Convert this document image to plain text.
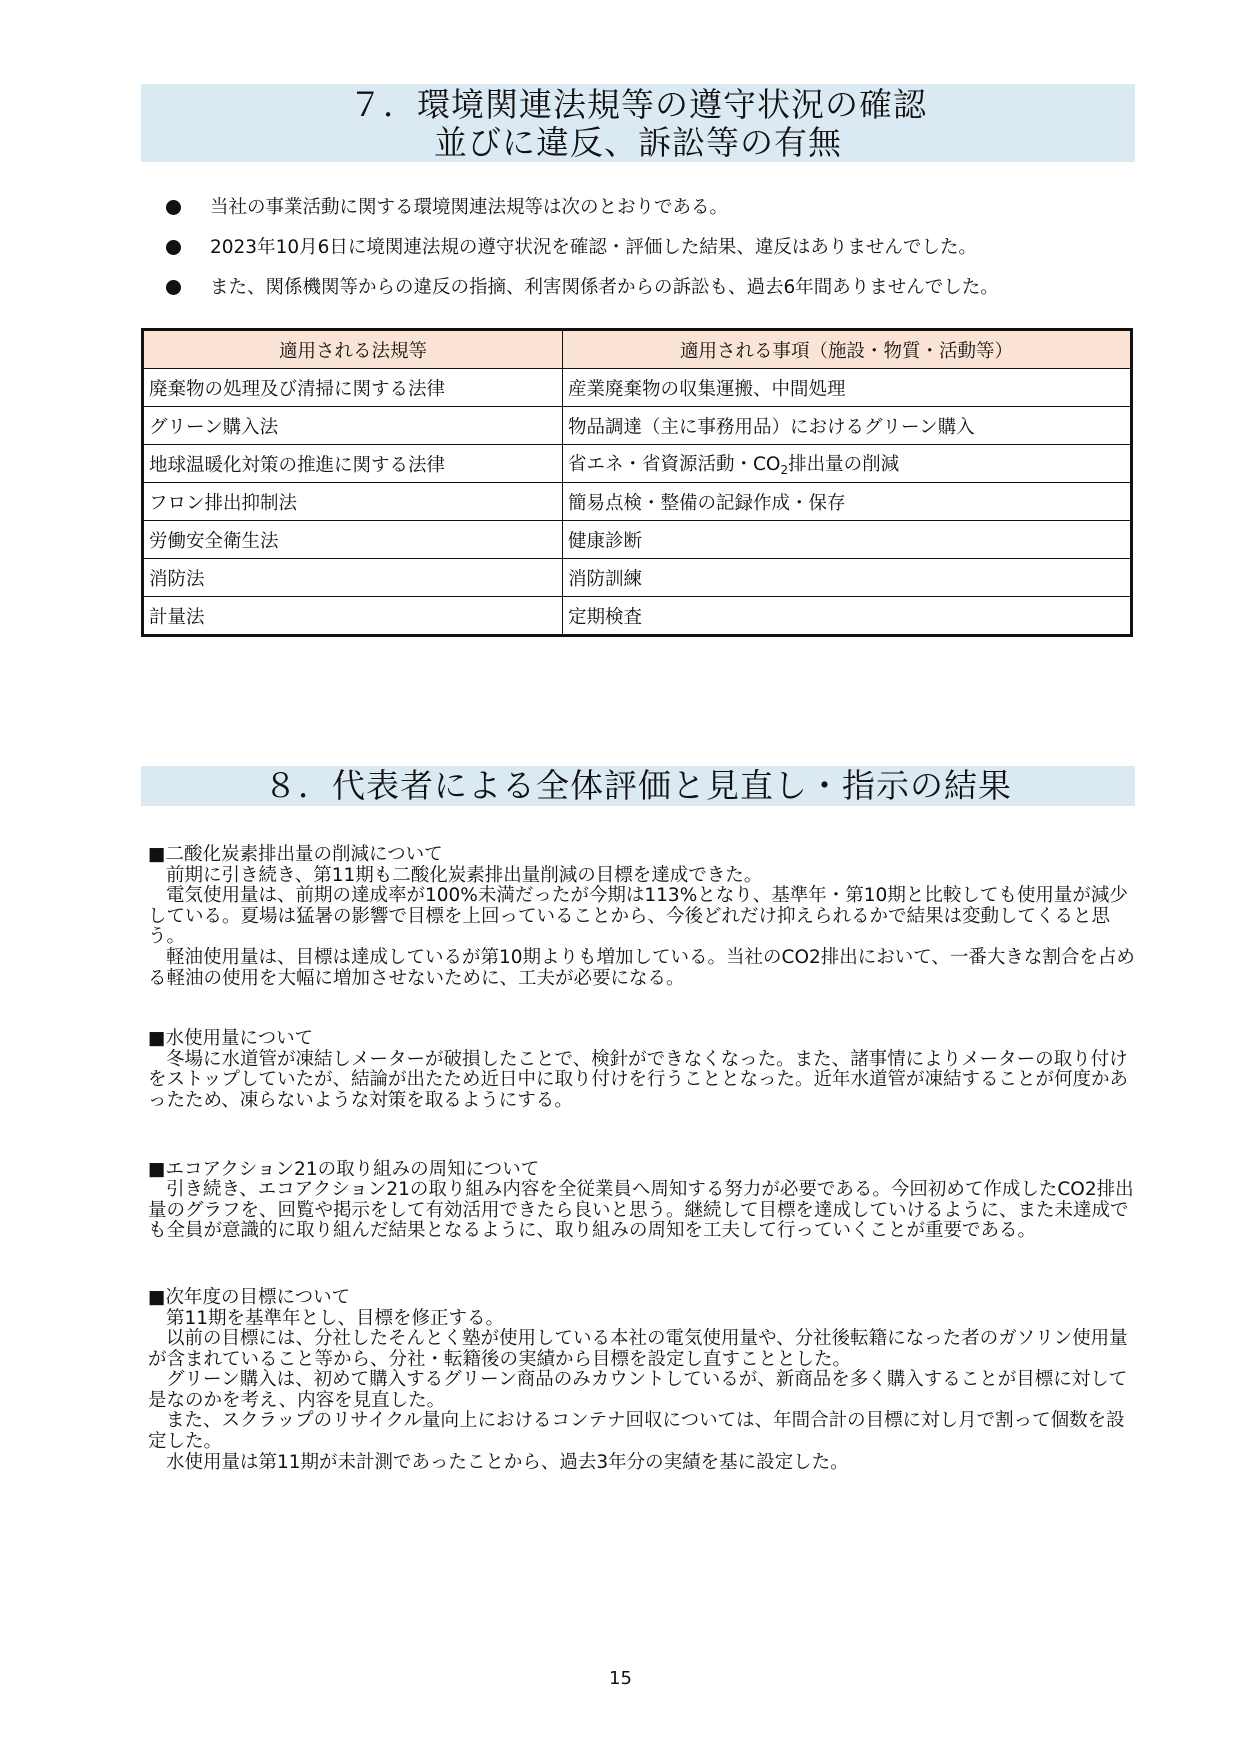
７．環境関連法規等の遵守状況の確認
並びに違反、訴訟等の有無
当社の事業活動に関する環境関連法規等は次のとおりである。
2023年10月6日に境関連法規の遵守状況を確認・評価した結果、違反はありませんでした。
また、関係機関等からの違反の指摘、利害関係者からの訴訟も、過去6年間ありませんでした。
適用される法規等	適用される事項（施設・物質・活動等）
廃棄物の処理及び清掃に関する法律	産業廃棄物の収集運搬、中間処理
グリーン購入法	物品調達（主に事務用品）におけるグリーン購入
地球温暖化対策の推進に関する法律	省エネ・省資源活動・$CO_2$排出量の削減
フロン排出抑制法	簡易点検・整備の記録作成・保存
労働安全衛生法	健康診断
消防法	消防訓練
計量法	定期検査
８．代表者による全体評価と見直し・指示の結果

■二酸化炭素排出量の削減について

前期に引き続き、第11期も二酸化炭素排出量削減の目標を達成できた。

電気使用量は、前期の達成率が100%未満だったが今期は113%となり、基準年・第10期と比較しても使用量が減少している。夏場は猛暑の影響で目標を上回っていることから、今後どれだけ抑えられるかで結果は変動してくると思う。

軽油使用量は、目標は達成しているが第10期よりも増加している。当社のCO2排出において、一番大きな割合を占める軽油の使用を大幅に増加させないために、工夫が必要になる。

■水使用量について

冬場に水道管が凍結しメーターが破損したことで、検針ができなくなった。また、諸事情によりメーターの取り付けをストップしていたが、結論が出たため近日中に取り付けを行うこととなった。近年水道管が凍結することが何度かあったため、凍らないような対策を取るようにする。

■エコアクション21の取り組みの周知について

引き続き、エコアクション21の取り組み内容を全従業員へ周知する努力が必要である。今回初めて作成したCO2排出量のグラフを、回覧や掲示をして有効活用できたら良いと思う。継続して目標を達成していけるように、また未達成でも全員が意識的に取り組んだ結果となるように、取り組みの周知を工夫して行っていくことが重要である。

■次年度の目標について

第11期を基準年とし、目標を修正する。

以前の目標には、分社したそんとく塾が使用している本社の電気使用量や、分社後転籍になった者のガソリン使用量が含まれていること等から、分社・転籍後の実績から目標を設定し直すこととした。

グリーン購入は、初めて購入するグリーン商品のみカウントしているが、新商品を多く購入することが目標に対して是なのかを考え、内容を見直した。

また、スクラップのリサイクル量向上におけるコンテナ回収については、年間合計の目標に対し月で割って個数を設定した。

水使用量は第11期が未計測であったことから、過去3年分の実績を基に設定した。

15
